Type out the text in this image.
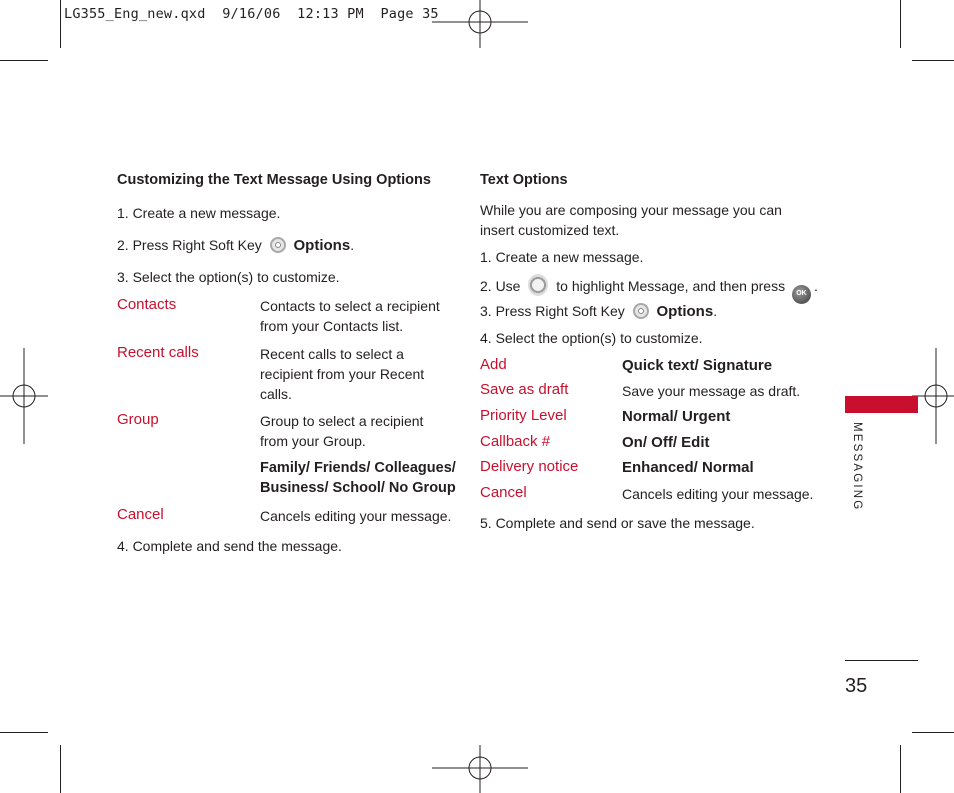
LG355_Eng_new.qxd  9/16/06  12:13 PM  Page 35
Customizing the Text Message Using Options
1. Create a new message.
2. Press Right Soft Key Options.
3. Select the option(s) to customize.
Contacts	Contacts to select a recipient
from your Contacts list.
Recent calls	Recent calls to select a
recipient from your Recent
calls.
Group	Group to select a recipient
from your Group.
Family/ Friends/ Colleagues/
Business/ School/ No Group
Cancel	Cancels editing your message.
4. Complete and send the message.
Text Options
While you are composing your message you can
insert customized text.
1. Create a new message.
2. Use	to highlight Message, and then press OK .
3. Press Right Soft Key Options.
4. Select the option(s) to customize.
Add	Quick text/ Signature
Save as draft	Save your message as draft.
Priority Level	Normal/ Urgent
Callback #	On/ Off/ Edit
Delivery notice	Enhanced/ Normal
Cancel	Cancels editing your message.
5. Complete and send or save the message.
MESSAGING
35
